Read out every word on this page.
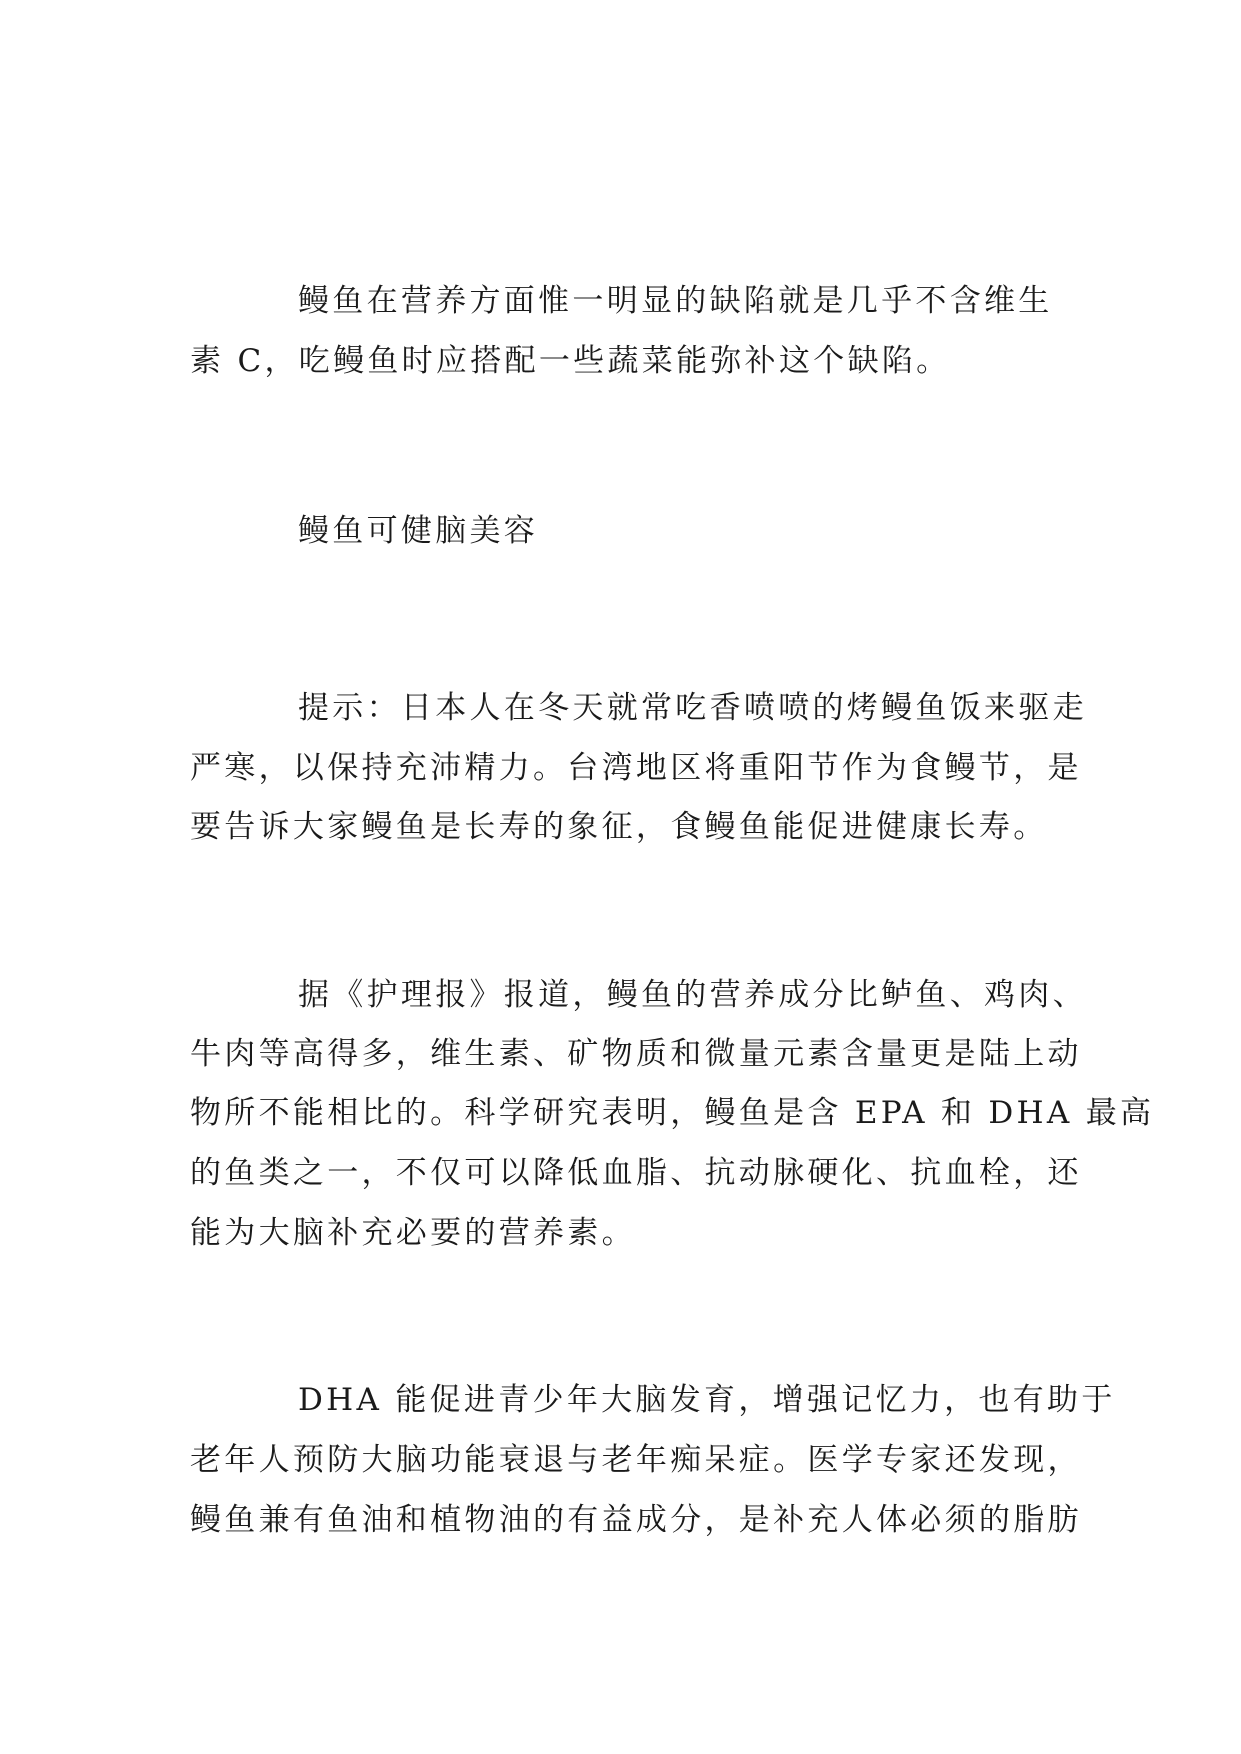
鳗鱼在营养方面惟一明显的缺陷就是几乎不含维生
素 C，吃鳗鱼时应搭配一些蔬菜能弥补这个缺陷。
鳗鱼可健脑美容
提示：日本人在冬天就常吃香喷喷的烤鳗鱼饭来驱走
严寒，以保持充沛精力。台湾地区将重阳节作为食鳗节，是
要告诉大家鳗鱼是长寿的象征，食鳗鱼能促进健康长寿。
据《护理报》报道，鳗鱼的营养成分比鲈鱼、鸡肉、
牛肉等高得多，维生素、矿物质和微量元素含量更是陆上动
物所不能相比的。科学研究表明，鳗鱼是含 EPA 和 DHA 最高
的鱼类之一，不仅可以降低血脂、抗动脉硬化、抗血栓，还
能为大脑补充必要的营养素。
DHA 能促进青少年大脑发育，增强记忆力，也有助于
老年人预防大脑功能衰退与老年痴呆症。医学专家还发现，
鳗鱼兼有鱼油和植物油的有益成分，是补充人体必须的脂肪
